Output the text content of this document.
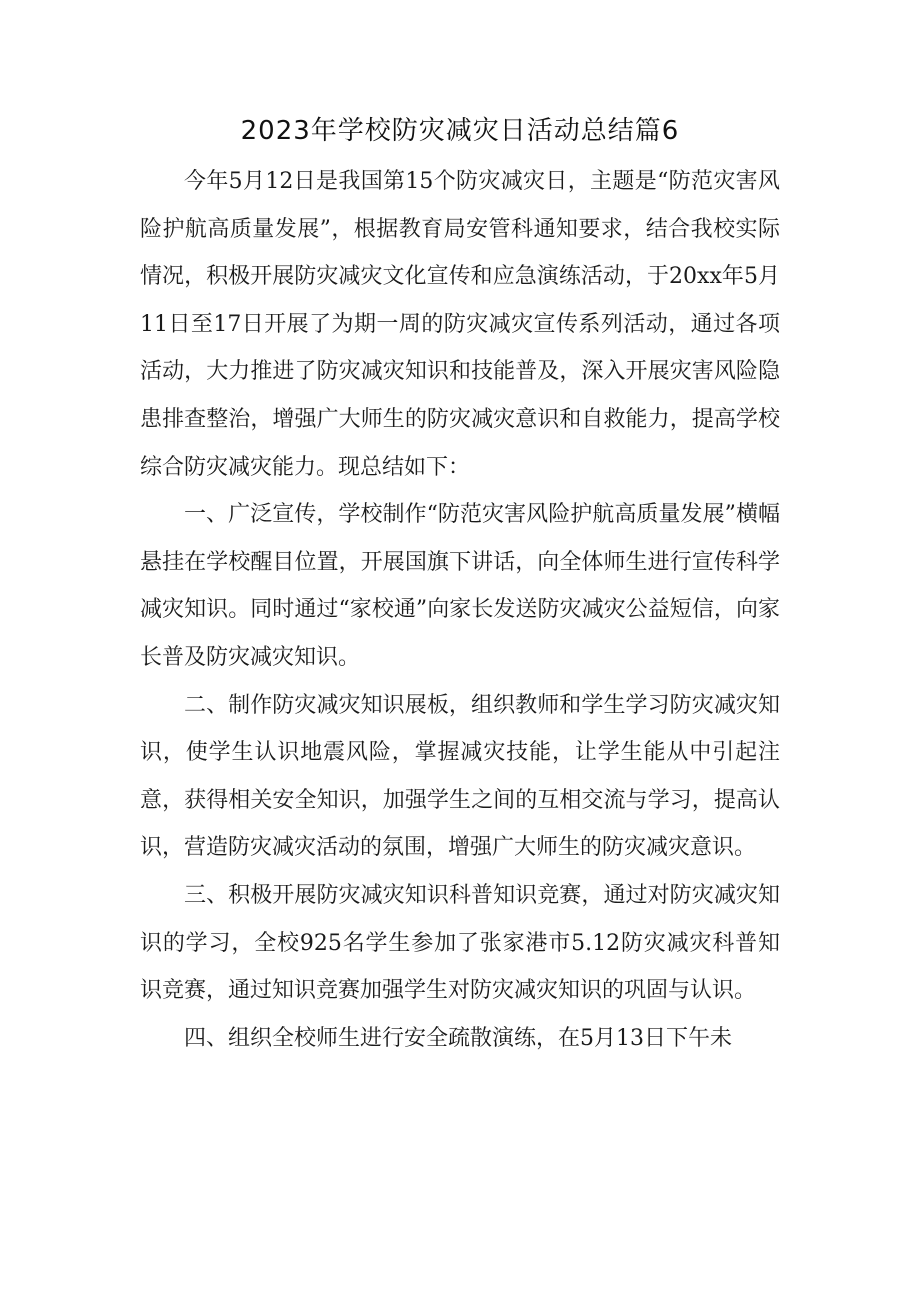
2023年学校防灾减灾日活动总结篇6

今年5月12日是我国第15个防灾减灾日，主题是“防范灾害风险护航高质量发展”，根据教育局安管科通知要求，结合我校实际情况，积极开展防灾减灾文化宣传和应急演练活动，于20xx年5月11日至17日开展了为期一周的防灾减灾宣传系列活动，通过各项活动，大力推进了防灾减灾知识和技能普及，深入开展灾害风险隐患排查整治，增强广大师生的防灾减灾意识和自救能力，提高学校综合防灾减灾能力。现总结如下：

一、广泛宣传，学校制作“防范灾害风险护航高质量发展”横幅悬挂在学校醒目位置，开展国旗下讲话，向全体师生进行宣传科学减灾知识。同时通过“家校通”向家长发送防灾减灾公益短信，向家长普及防灾减灾知识。

二、制作防灾减灾知识展板，组织教师和学生学习防灾减灾知识，使学生认识地震风险，掌握减灾技能，让学生能从中引起注意，获得相关安全知识，加强学生之间的互相交流与学习，提高认识，营造防灾减灾活动的氛围，增强广大师生的防灾减灾意识。

三、积极开展防灾减灾知识科普知识竞赛，通过对防灾减灾知识的学习，全校925名学生参加了张家港市5.12防灾减灾科普知识竞赛，通过知识竞赛加强学生对防灾减灾知识的巩固与认识。

四、组织全校师生进行安全疏散演练，在5月13日下午未
